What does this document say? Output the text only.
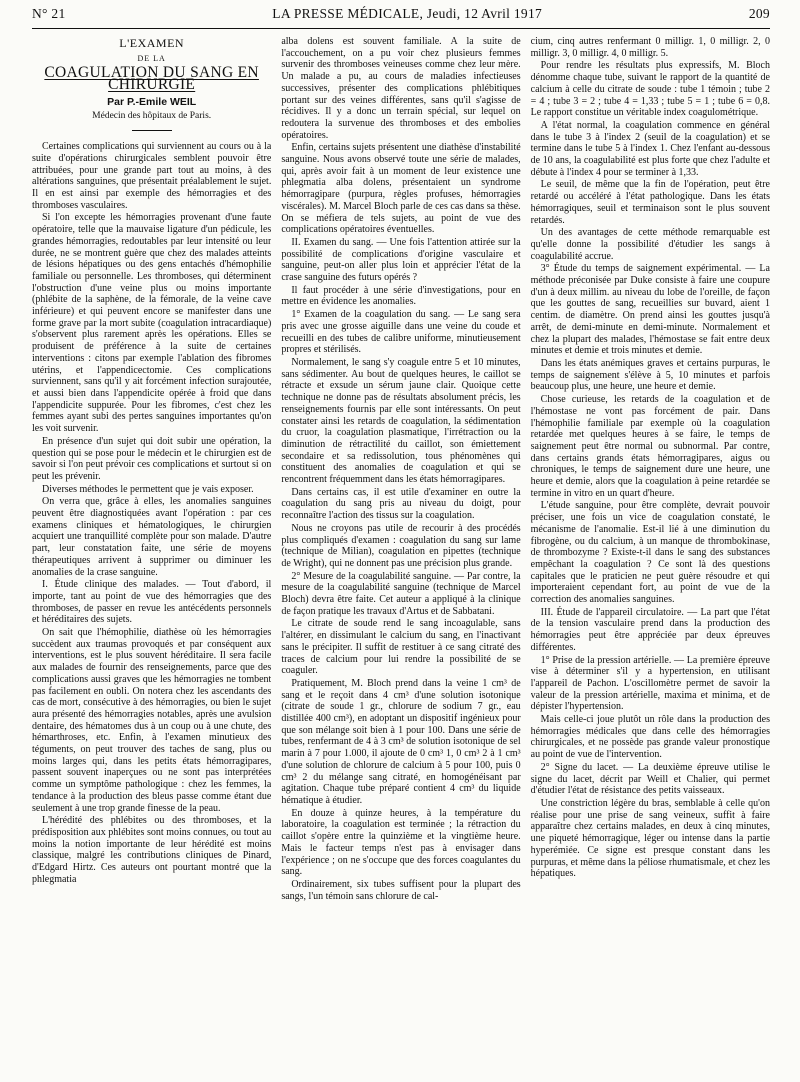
N° 21	LA PRESSE MÉDICALE, Jeudi, 12 Avril 1917	209
L'EXAMEN
DE LA
COAGULATION DU SANG EN CHIRURGIE
Par P.-Emile WEIL
Médecin des hôpitaux de Paris.

Certaines complications qui surviennent au cours ou à la suite d'opérations chirurgicales semblent pouvoir être attribuées, pour une grande part tout au moins, à des altérations sanguines, que présentait préalablement le sujet. Il en est ainsi par exemple des hémorragies et des thromboses vasculaires.

Si l'on excepte les hémorragies provenant d'une faute opératoire, telle que la mauvaise ligature d'un pédicule, les grandes hémorragies, redoutables par leur intensité ou leur durée, ne se montrent guère que chez des malades atteints de lésions hépatiques ou des gens entachés d'hémophilie familiale ou personnelle. Les thromboses, qui déterminent l'obstruction d'une veine plus ou moins importante (phlébite de la saphène, de la fémorale, de la veine cave inférieure) et qui peuvent encore se manifester dans une forme grave par la mort subite (coagulation intracardiaque) s'observent plus rarement après les opérations. Elles se produisent de préférence à la suite de certaines interventions : citons par exemple l'ablation des fibromes utérins, et l'appendicectomie. Ces complications surviennent, sans qu'il y ait forcément infection surajoutée, et aussi bien dans l'appendicite opérée à froid que dans l'appendicite suppurée. Pour les fibromes, c'est chez les femmes ayant subi des pertes sanguines importantes qu'on les voit survenir.

En présence d'un sujet qui doit subir une opération, la question qui se pose pour le médecin et le chirurgien est de savoir si l'on peut prévoir ces complications et surtout si on peut les prévenir.

Diverses méthodes le permettent que je vais exposer.

On verra que, grâce à elles, les anomalies sanguines peuvent être diagnostiquées avant l'opération : par ces examens cliniques et hématologiques, le chirurgien acquiert une tranquillité complète pour son malade. D'autre part, leur constatation faite, une série de moyens thérapeutiques arrivent à supprimer ou diminuer les anomalies de la crase sanguine.

I. Étude clinique des malades. — Tout d'abord, il importe, tant au point de vue des hémorragies que des thromboses, de passer en revue les antécédents personnels et héréditaires des sujets.

On sait que l'hémophilie, diathèse où les hémorragies succèdent aux traumas provoqués et par conséquent aux interventions, est le plus souvent héréditaire. Il sera facile aux malades de fournir des renseignements, parce que des complications aussi graves que les hémorragies ne tombent pas facilement en oubli. On notera chez les ascendants des cas de mort, consécutive à des hémorragies, ou bien le sujet aura présenté des hémorragies notables, après une avulsion dentaire, des hématomes dus à un coup ou à une chute, des hémarthroses, etc. Enfin, à l'examen minutieux des téguments, on peut trouver des taches de sang, plus ou moins larges qui, dans les petits états hémorragipares, passent souvent inaperçues ou ne sont pas interprétées comme un symptôme pathologique : chez les femmes, la tendance à la production des bleus passe comme étant due seulement à une trop grande finesse de la peau.

L'hérédité des phlébites ou des thromboses, et la prédisposition aux phlébites sont moins connues, ou tout au moins la notion importante de leur hérédité est moins classique, malgré les contributions cliniques de Pinard, d'Edgard Hirtz. Ces auteurs ont pourtant montré que la phlegmatia

alba dolens est souvent familiale. A la suite de l'accouchement, on a pu voir chez plusieurs femmes survenir des thromboses veineuses comme chez leur mère. Un malade a pu, au cours de maladies infectieuses successives, présenter des complications phlébitiques portant sur des veines différentes, sans qu'il s'agisse de récidives. Il y a donc un terrain spécial, sur lequel on redoutera la survenue des thromboses et des embolies opératoires.

Enfin, certains sujets présentent une diathèse d'instabilité sanguine. Nous avons observé toute une série de malades, qui, après avoir fait à un moment de leur existence une phlegmatia alba dolens, présentaient un syndrome hémorragipare (purpura, règles profuses, hémorragies viscérales). M. Marcel Bloch parle de ces cas dans sa thèse. On se méfiera de tels sujets, au point de vue des complications opératoires éventuelles.

II. Examen du sang. — Une fois l'attention attirée sur la possibilité de complications d'origine vasculaire et sanguine, peut-on aller plus loin et apprécier l'état de la crase sanguine des futurs opérés ?

Il faut procéder à une série d'investigations, pour en mettre en évidence les anomalies.

1° Examen de la coagulation du sang. — Le sang sera pris avec une grosse aiguille dans une veine du coude et recueilli en des tubes de calibre uniforme, minutieusement propres et stérilisés.

Normalement, le sang s'y coagule entre 5 et 10 minutes, sans sédimenter. Au bout de quelques heures, le caillot se rétracte et exsude un sérum jaune clair. Quoique cette technique ne donne pas de résultats absolument précis, les renseignements fournis par elle sont intéressants. On peut constater ainsi les retards de coagulation, la sédimentation du cruor, la coagulation plasmatique, l'irrétraction ou la diminution de rétractilité du caillot, son émiettement secondaire et sa redissolution, tous phénomènes qui constituent des anomalies de coagulation et qui se rencontrent fréquemment dans les états hémorragipares.

Dans certains cas, il est utile d'examiner en outre la coagulation du sang pris au niveau du doigt, pour reconnaître l'action des tissus sur la coagulation.

Nous ne croyons pas utile de recourir à des procédés plus compliqués d'examen : coagulation du sang sur lame (technique de Milian), coagulation en pipettes (technique de Wright), qui ne donnent pas une précision plus grande.

2° Mesure de la coagulabilité sanguine. — Par contre, la mesure de la coagulabilité sanguine (technique de Marcel Bloch) devra être faite. Cet auteur a appliqué à la clinique de façon pratique les travaux d'Artus et de Sabbatani.

Le citrate de soude rend le sang incoagulable, sans l'altérer, en dissimulant le calcium du sang, en l'inactivant sans le précipiter. Il suffit de restituer à ce sang citraté des traces de calcium pour lui rendre la possibilité de se coaguler.

Pratiquement, M. Bloch prend dans la veine 1 cm³ de sang et le reçoit dans 4 cm³ d'une solution isotonique (citrate de soude 1 gr., chlorure de sodium 7 gr., eau distillée 400 cm³), en adoptant un dispositif ingénieux pour que son mélange soit bien à 1 pour 100. Dans une série de tubes, renfermant de 4 à 3 cm³ de solution isotonique de sel marin à 7 pour 1.000, il ajoute de 0 cm³ 1, 0 cm³ 2 à 1 cm³ d'une solution de chlorure de calcium à 5 pour 100, puis 0 cm³ 2 du mélange sang citraté, en homogénéisant par agitation. Chaque tube préparé contient 4 cm³ du liquide hématique à étudier.

En douze à quinze heures, à la température du laboratoire, la coagulation est terminée ; la rétraction du caillot s'opère entre la quinzième et la vingtième heure. Mais le facteur temps n'est pas à envisager dans l'expérience ; on ne s'occupe que des forces coagulantes du sang.

Ordinairement, six tubes suffisent pour la plupart des sangs, l'un témoin sans chlorure de cal-

cium, cinq autres renfermant 0 milligr. 1, 0 milligr. 2, 0 milligr. 3, 0 milligr. 4, 0 milligr. 5.

Pour rendre les résultats plus expressifs, M. Bloch dénomme chaque tube, suivant le rapport de la quantité de calcium à celle du citrate de soude : tube 1 témoin ; tube 2 = 4 ; tube 3 = 2 ; tube 4 = 1,33 ; tube 5 = 1 ; tube 6 = 0,8. Le rapport constitue un véritable index coagulométrique.

A l'état normal, la coagulation commence en général dans le tube 3 à l'index 2 (seuil de la coagulation) et se termine dans le tube 5 à l'index 1. Chez l'enfant au-dessous de 10 ans, la coagulabilité est plus forte que chez l'adulte et débute à l'index 4 pour se terminer à 1,33.

Le seuil, de même que la fin de l'opération, peut être retardé ou accéléré à l'état pathologique. Dans les états hémorragiques, seuil et terminaison sont le plus souvent retardés.

Un des avantages de cette méthode remarquable est qu'elle donne la possibilité d'étudier les sangs à coagulabilité accrue.

3° Étude du temps de saignement expérimental. — La méthode préconisée par Duke consiste à faire une coupure d'un à deux millim. au niveau du lobe de l'oreille, de façon que les gouttes de sang, recueillies sur buvard, aient 1 centim. de diamètre. On prend ainsi les gouttes jusqu'à arrêt, de demi-minute en demi-minute. Normalement et chez la plupart des malades, l'hémostase se fait entre deux minutes et demie et trois minutes et demie.

Dans les états anémiques graves et certains purpuras, le temps de saignement s'élève à 5, 10 minutes et parfois beaucoup plus, une heure, une heure et demie.

Chose curieuse, les retards de la coagulation et de l'hémostase ne vont pas forcément de pair. Dans l'hémophilie familiale par exemple où la coagulation retardée met quelques heures à se faire, le temps de saignement peut être normal ou subnormal. Par contre, dans certains grands états hémorragipares, aigus ou chroniques, le temps de saignement dure une heure, une heure et demie, alors que la coagulation à peine retardée se termine in vitro en un quart d'heure.

L'étude sanguine, pour être complète, devrait pouvoir préciser, une fois un vice de coagulation constaté, le mécanisme de l'anomalie. Est-il lié à une diminution du fibrogène, ou du calcium, à un manque de thrombokinase, de thrombozyme ? Existe-t-il dans le sang des substances empêchant la coagulation ? Ce sont là des questions capitales que le praticien ne peut guère résoudre et qui importeraient cependant fort, au point de vue de la correction des anomalies sanguines.

III. Étude de l'appareil circulatoire. — La part que l'état de la tension vasculaire prend dans la production des hémorragies peut être appréciée par deux épreuves différentes.

1° Prise de la pression artérielle. — La première épreuve vise à déterminer s'il y a hypertension, en utilisant l'appareil de Pachon. L'oscillomètre permet de savoir la valeur de la pression artérielle, maxima et minima, et de dépister l'hypertension.

Mais celle-ci joue plutôt un rôle dans la production des hémorragies médicales que dans celle des hémorragies chirurgicales, et ne possède pas grande valeur pronostique au point de vue de l'intervention.

2° Signe du lacet. — La deuxième épreuve utilise le signe du lacet, décrit par Weill et Chalier, qui permet d'étudier l'état de résistance des petits vaisseaux.

Une constriction légère du bras, semblable à celle qu'on réalise pour une prise de sang veineux, suffit à faire apparaître chez certains malades, en deux à cinq minutes, une piqueté hémorragique, léger ou intense dans la partie hyperémiée. Ce signe est presque constant dans les purpuras, et même dans la péliose rhumatismale, et chez les hépatiques.
